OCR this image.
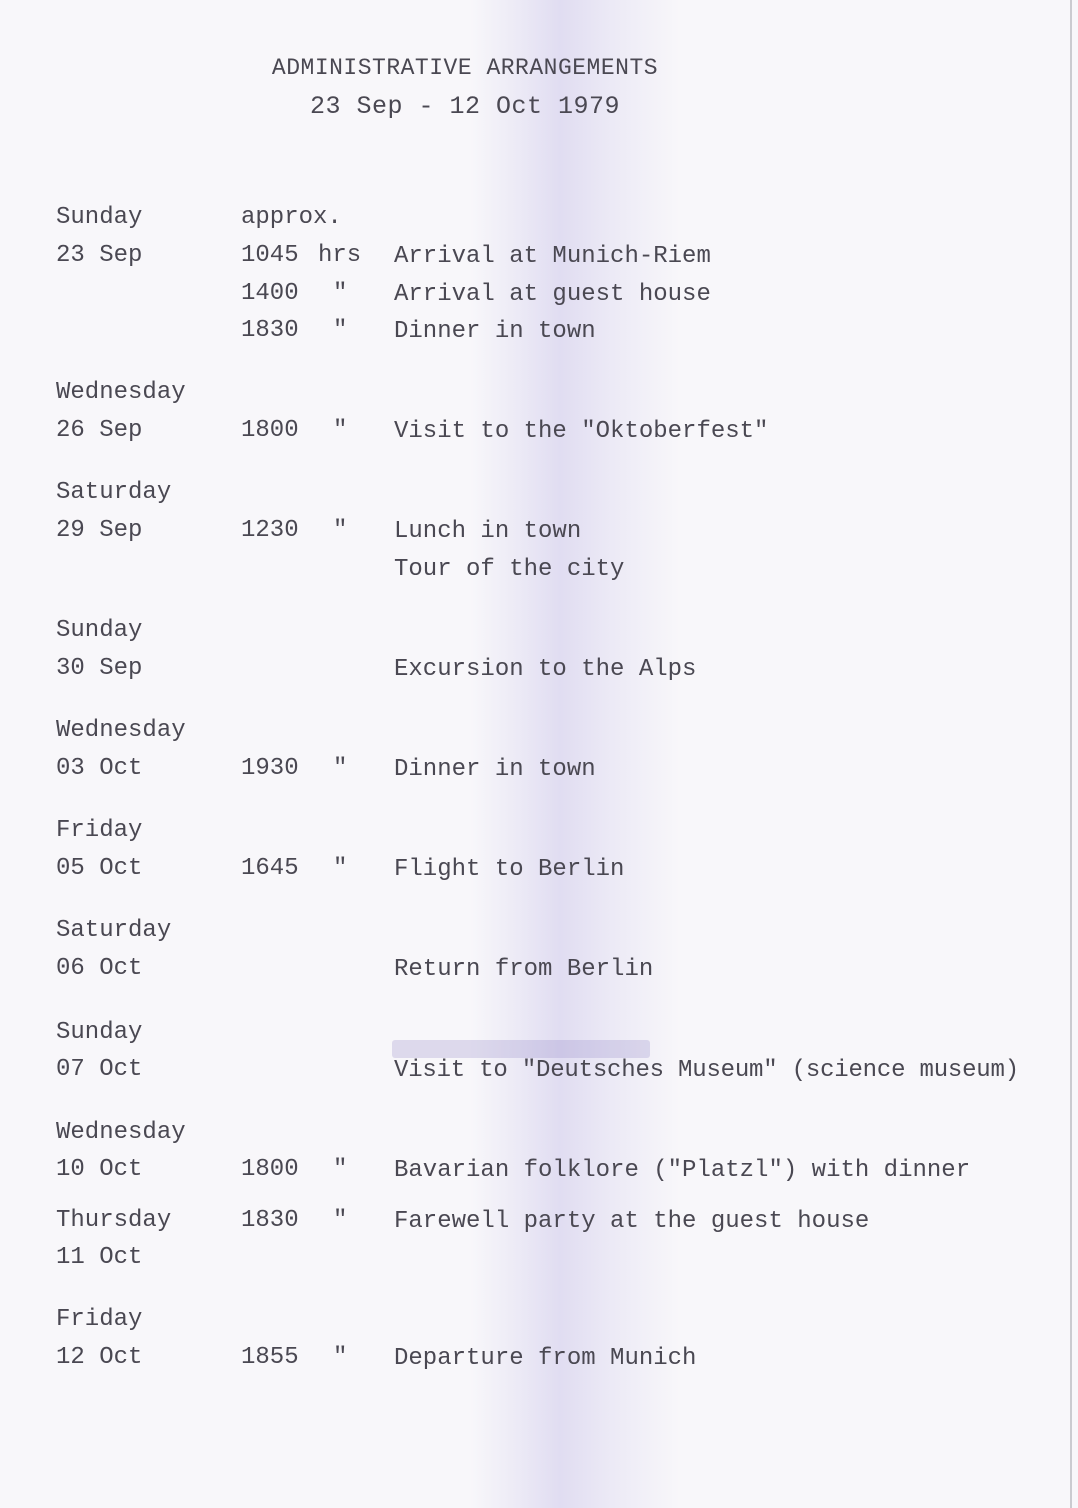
ADMINISTRATIVE ARRANGEMENTS
23 Sep - 12 Oct 1979
Sunday	approx.
23 Sep	1045 hrs Arrival at Munich-Riem
1400 " Arrival at guest house
1830 " Dinner in town
Wednesday
26 Sep	1800 " Visit to the "Oktoberfest"
Saturday
29 Sep	1230 " Lunch in town
Tour of the city
Sunday
30 Sep	Excursion to the Alps
Wednesday
03 Oct	1930 " Dinner in town
Friday
05 Oct	1645 " Flight to Berlin
Saturday
06 Oct	Return from Berlin
Sunday
07 Oct	Visit to "Deutsches Museum" (science museum)
Wednesday
10 Oct	1800 " Bavarian folklore ("Platzl") with dinner
Thursday	1830 " Farewell party at the guest house
11 Oct
Friday
12 Oct	1855 " Departure from Munich
